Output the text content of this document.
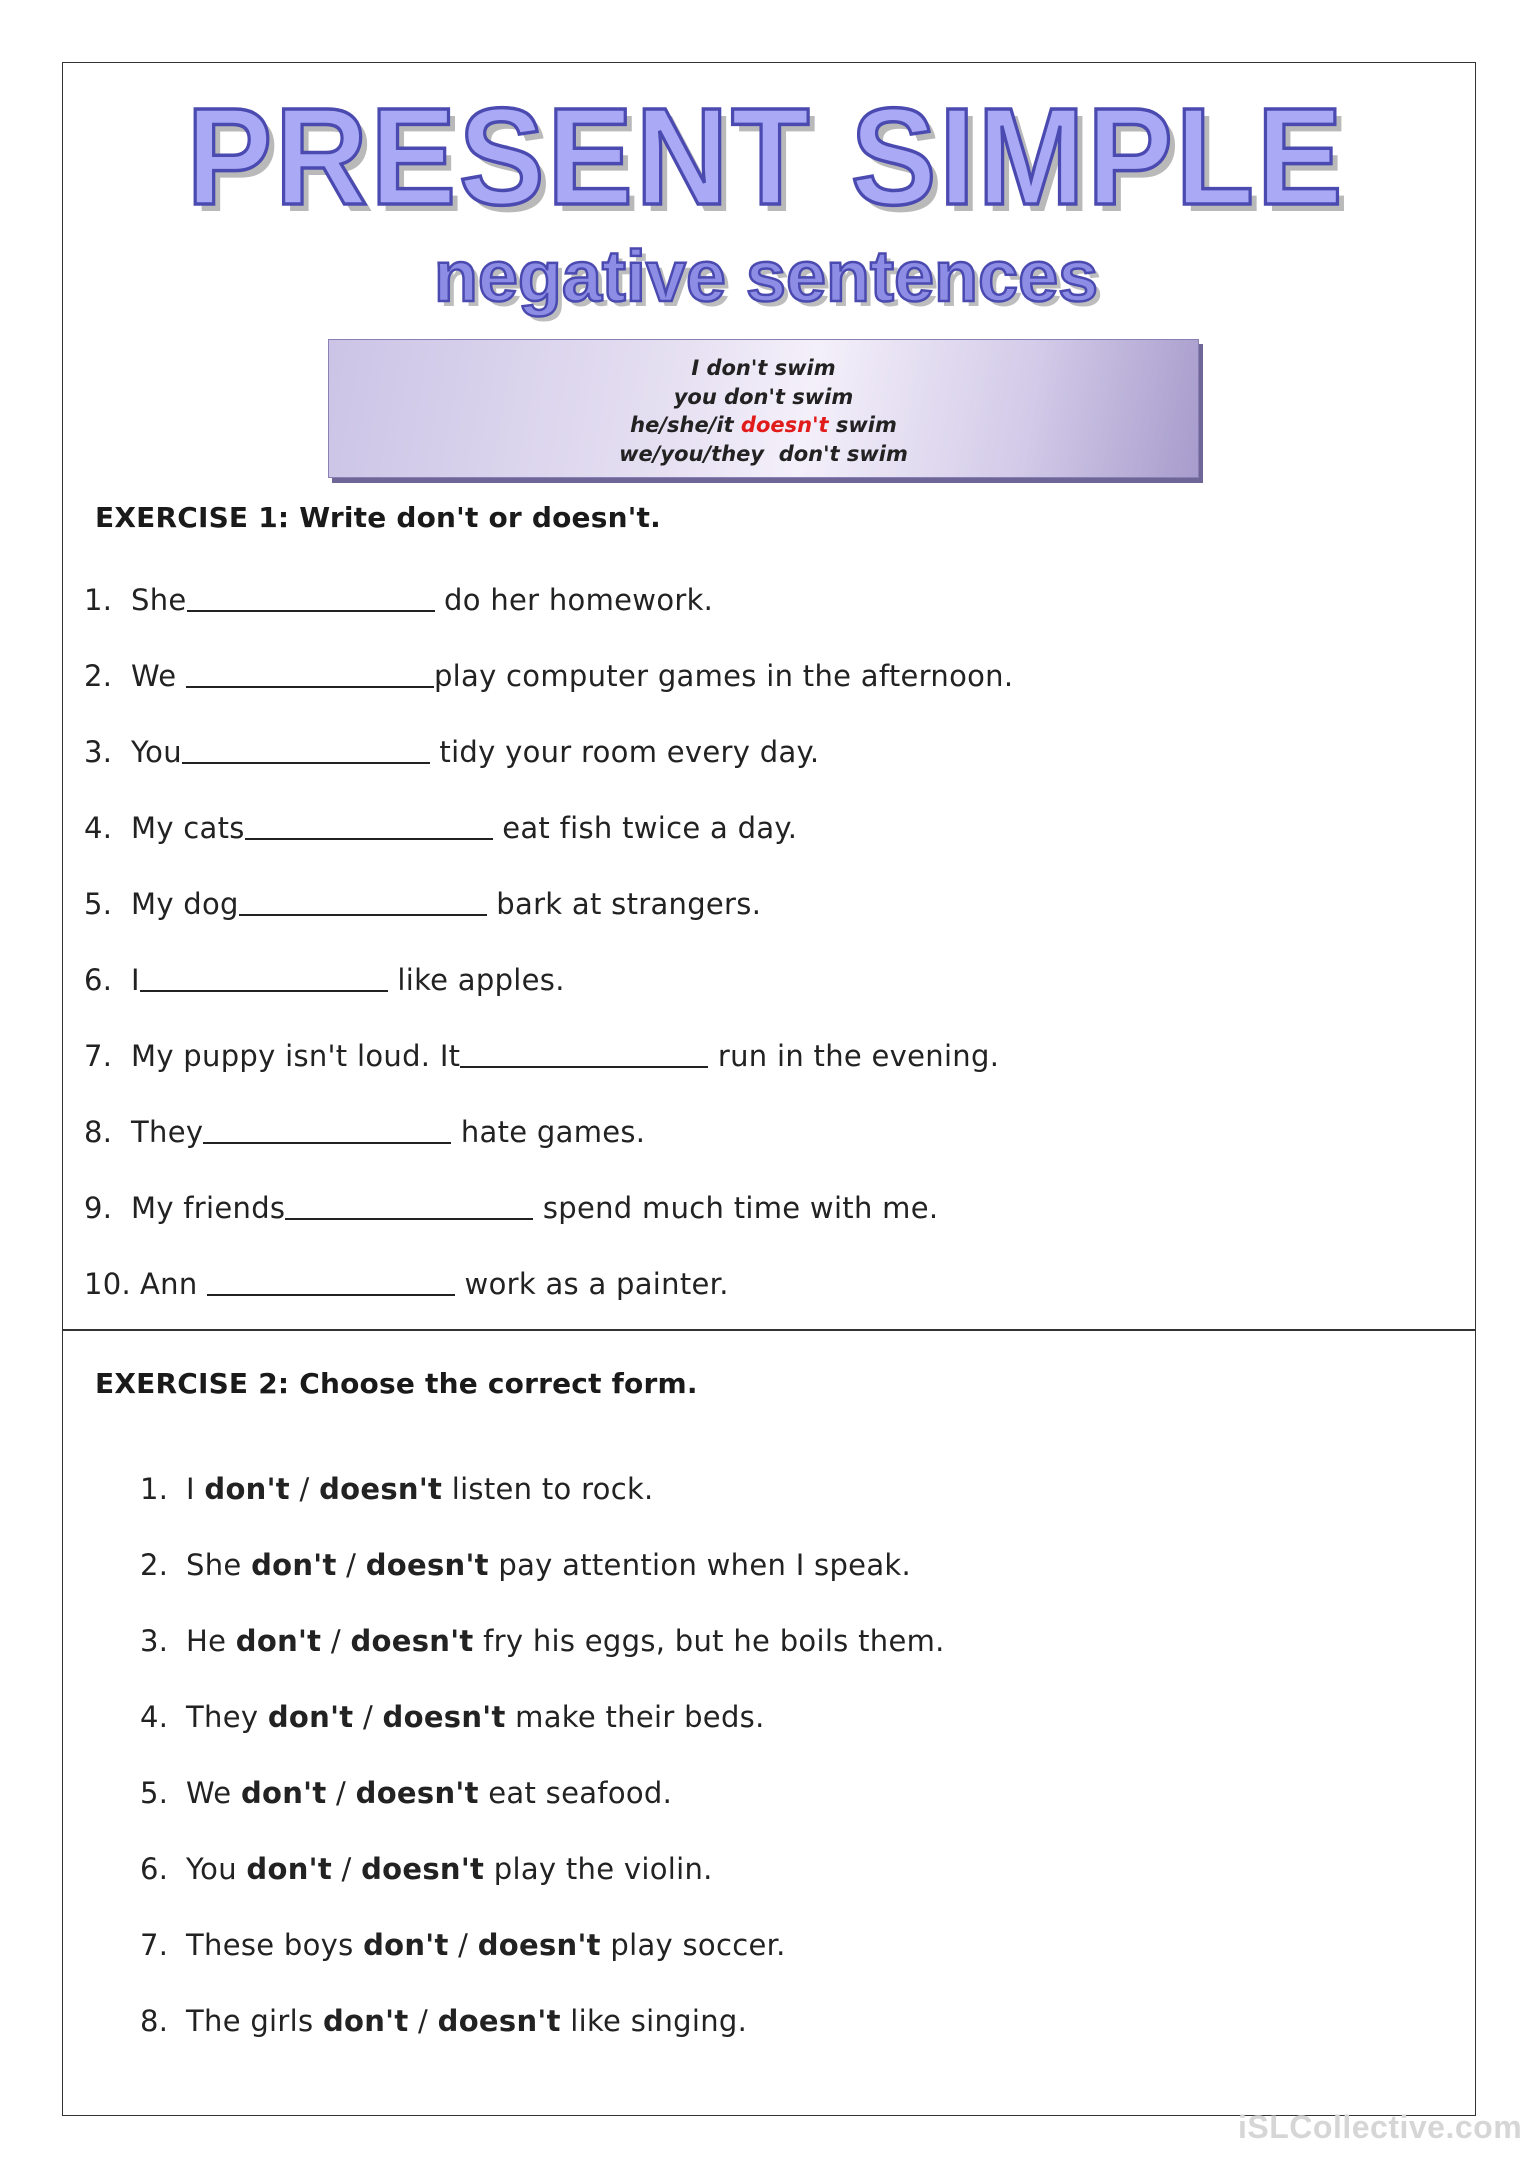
PRESENT SIMPLE
negative sentences
I don't swim
you don't swim
he/she/it doesn't swim
we/you/they  don't swim
EXERCISE 1: Write don't or doesn't.
1. She	do her homework.
2. We	play computer games in the afternoon.
3. You	tidy your room every day.
4. My cats	eat fish twice a day.
5. My dog	bark at strangers.
6. I	like apples.
7. My puppy isn't loud. It	run in the evening.
8. They	hate games.
9. My friends	spend much time with me.
10. Ann	work as a painter.
EXERCISE 2: Choose the correct form.
1. I don't / doesn't listen to rock.
2. She don't / doesn't pay attention when I speak.
3. He don't / doesn't fry his eggs, but he boils them.
4. They don't / doesn't make their beds.
5. We don't / doesn't eat seafood.
6. You don't / doesn't play the violin.
7. These boys don't / doesn't play soccer.
8. The girls don't / doesn't like singing.
iSLCollective.com
